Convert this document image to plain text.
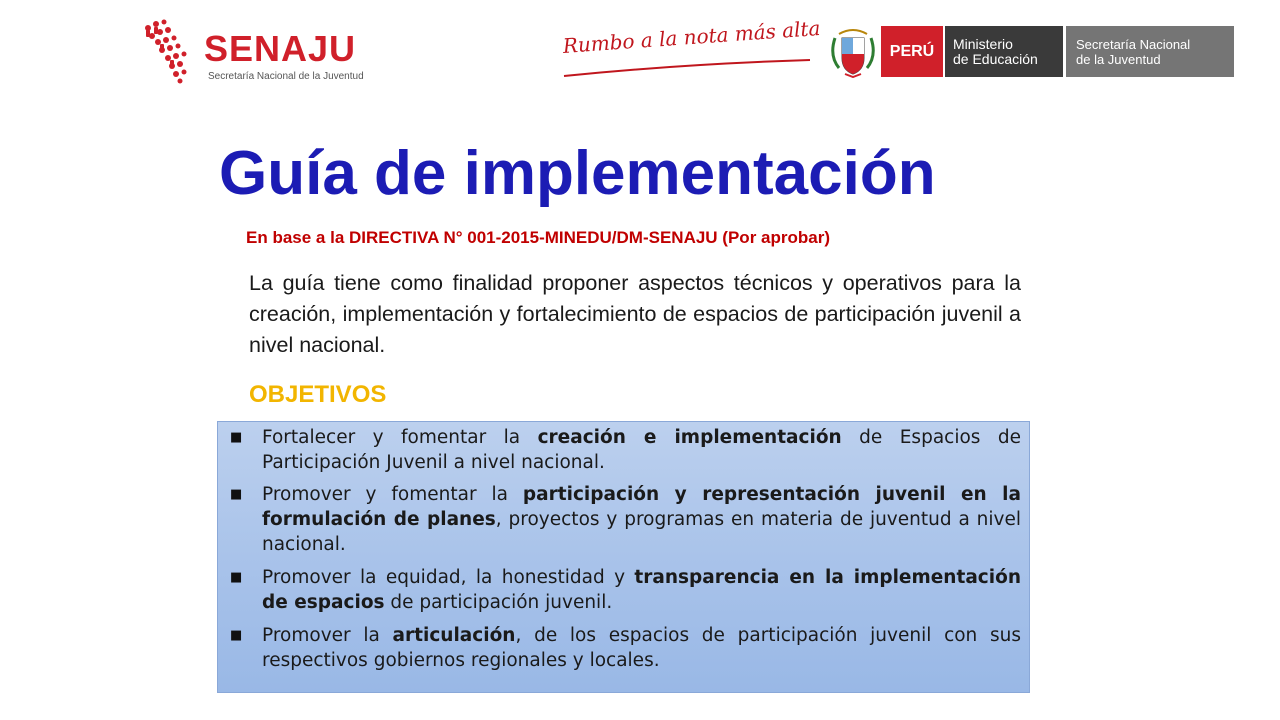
SENAJU
Secretaría Nacional de la Juventud
Rumbo a la nota más alta	PERÚ	Ministerio
de Educación
Secretaría Nacional
de la Juventud
Guía de implementación
En base a la DIRECTIVA N° 001-2015-MINEDU/DM-SENAJU (Por aprobar)
La guía tiene como finalidad proponer aspectos técnicos y operativos para la creación, implementación y fortalecimiento de espacios de participación juvenil a nivel nacional.
■ Fortalecer y fomentar la creación e implementación de Espacios de Participación Juvenil a nivel nacional.
■ Promover y fomentar la participación y representación juvenil en la formulación de planes, proyectos y programas en materia de juventud a nivel nacional.
■ Promover la equidad, la honestidad y transparencia en la implementación de espacios de participación juvenil.
■ Promover la articulación, de los espacios de participación juvenil con sus respectivos gobiernos regionales y locales.
OBJETIVOS
